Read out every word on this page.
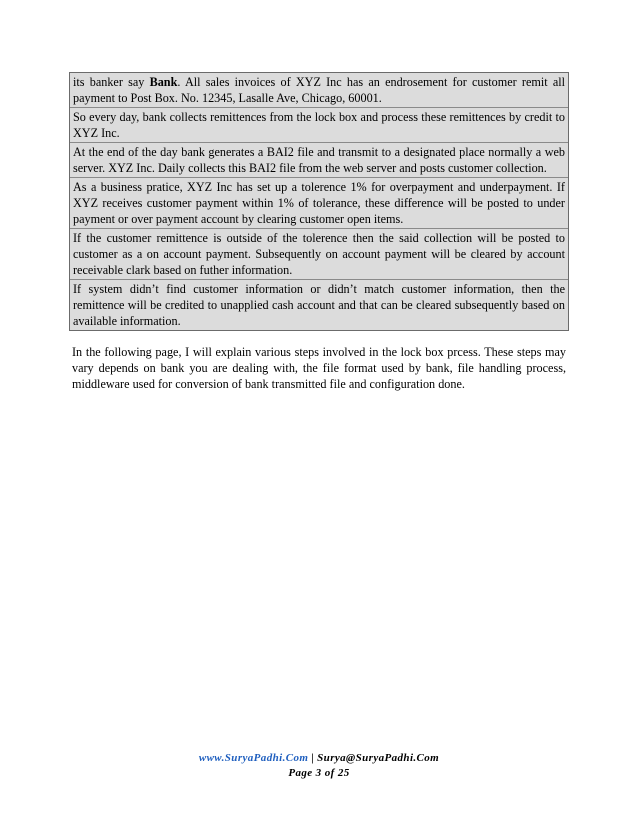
its banker say Bank. All sales invoices of XYZ Inc has an endrosement for customer remit all payment to Post Box. No. 12345, Lasalle Ave, Chicago, 60001.

So every day, bank collects remittences from the lock box and process these remittences by credit to XYZ Inc.

At the end of the day bank generates a BAI2 file and transmit to a designated place normally a web server. XYZ Inc. Daily collects this BAI2 file from the web server and posts customer collection.

As a business pratice, XYZ Inc has set up a tolerence 1% for overpayment and underpayment. If XYZ receives customer payment within 1% of tolerance, these difference will be posted to under payment or over payment account by clearing customer open items.

If the customer remittence is outside of the tolerence then the said collection will be posted to customer as a on account payment. Subsequently on account payment will be cleared by account receivable clark based on futher information.

If system didn’t find customer information or didn’t match customer information, then the remittence will be credited to unapplied cash account and that can be cleared subsequently based on available information.

In the following page, I will explain various steps involved in the lock box prcess. These steps may vary depends on bank you are dealing with, the file format used by bank, file handling process, middleware used for conversion of bank transmitted file and configuration done.

www.SuryaPadhi.Com | Surya@SuryaPadhi.Com
Page 3 of 25
